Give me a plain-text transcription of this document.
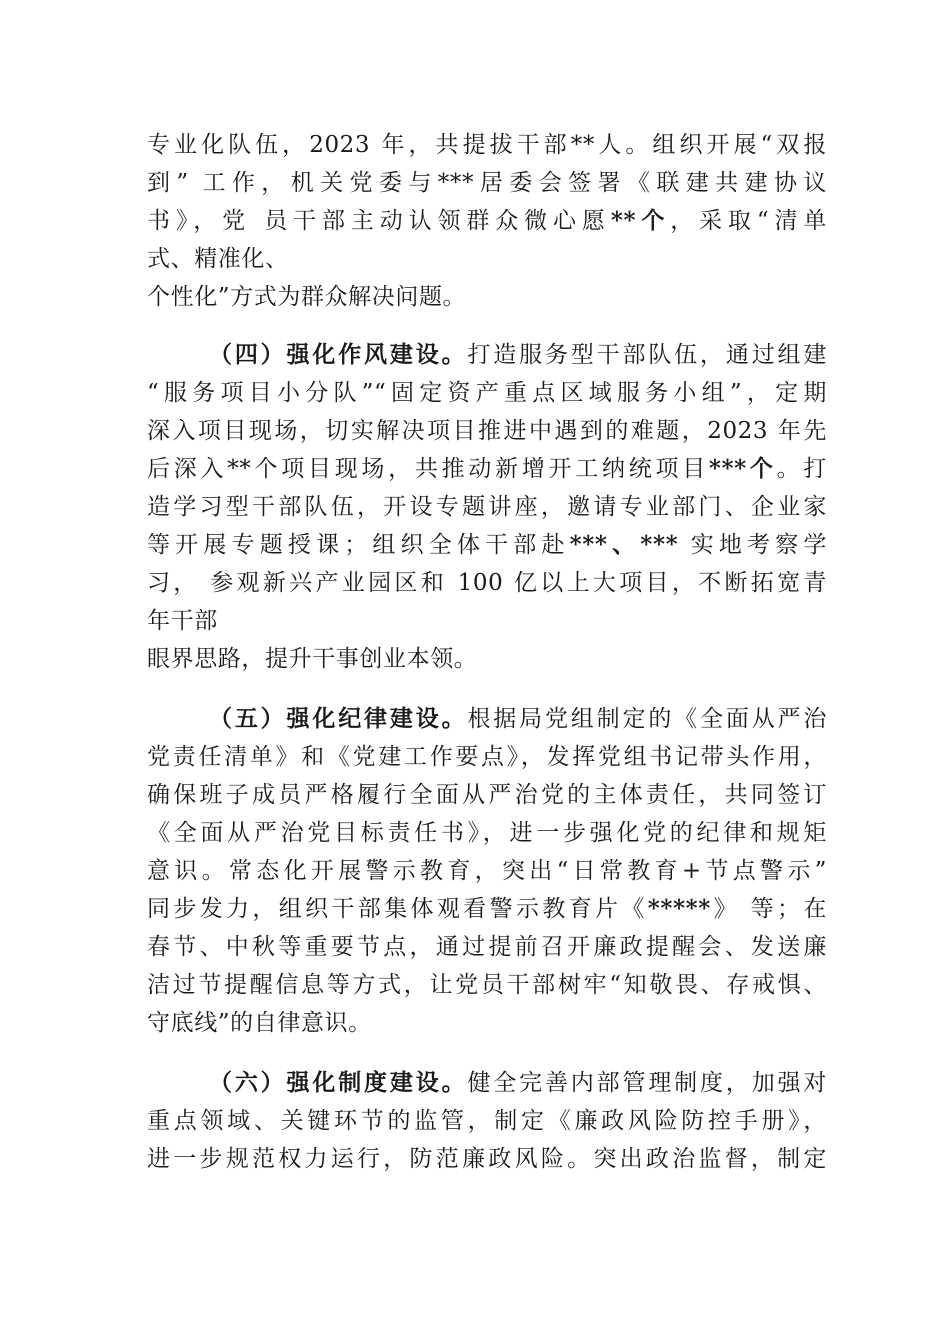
专业化队伍，2023 年，共提拔干部**人。组织开展“双报
到” 工作，机关党委与***居委会签署《联建共建协议
书》，党 员干部主动认领群众微心愿**个，采取“清单
式、精准化、
个性化”方式为群众解决问题。
（四）强化作风建设。打造服务型干部队伍，通过组建
“服务项目小分队”“固定资产重点区域服务小组”，定期
深入项目现场，切实解决项目推进中遇到的难题，2023 年先
后深入**个项目现场，共推动新增开工纳统项目***个。打
造学习型干部队伍，开设专题讲座，邀请专业部门、企业家
等开展专题授课；组织全体干部赴***、*** 实地考察学
习， 参观新兴产业园区和 100 亿以上大项目，不断拓宽青
年干部
眼界思路，提升干事创业本领。
（五）强化纪律建设。根据局党组制定的《全面从严治
党责任清单》和《党建工作要点》，发挥党组书记带头作用，
确保班子成员严格履行全面从严治党的主体责任，共同签订
《全面从严治党目标责任书》，进一步强化党的纪律和规矩
意识。常态化开展警示教育，突出“日常教育+节点警示”
同步发力，组织干部集体观看警示教育片《*****》 等；在
春节、中秋等重要节点，通过提前召开廉政提醒会、发送廉
洁过节提醒信息等方式，让党员干部树牢“知敬畏、存戒惧、
守底线”的自律意识。
（六）强化制度建设。健全完善内部管理制度，加强对
重点领域、关键环节的监管，制定《廉政风险防控手册》，
进一步规范权力运行，防范廉政风险。突出政治监督，制定
